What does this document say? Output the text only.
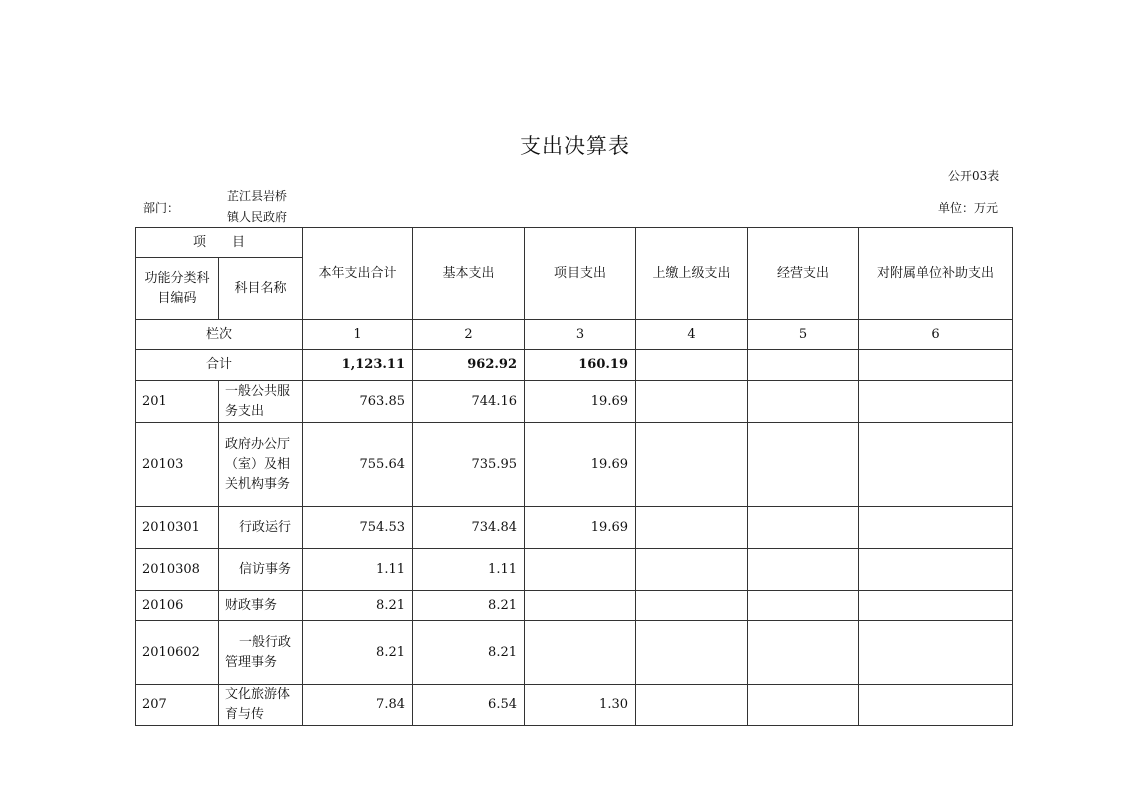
支出决算表
公开03表
部门：
芷江县岩桥镇人民政府
单位：万元
项　　目		本年支出合计	基本支出	项目支出	上缴上级支出	经营支出	对附属单位补助支出
功能分类科目编码	科目名称						
栏次		1	2	3	4	5	6
合计		1,123.11	962.92	160.19			
201	一般公共服务支出	763.85	744.16	19.69			
20103	政府办公厅（室）及相关机构事务	755.64	735.95	19.69			
2010301	行政运行	754.53	734.84	19.69			
2010308	信访事务	1.11	1.11				
20106	财政事务	8.21	8.21				
2010602	一般行政管理事务	8.21	8.21				
207	文化旅游体育与传	7.84	6.54	1.30			
